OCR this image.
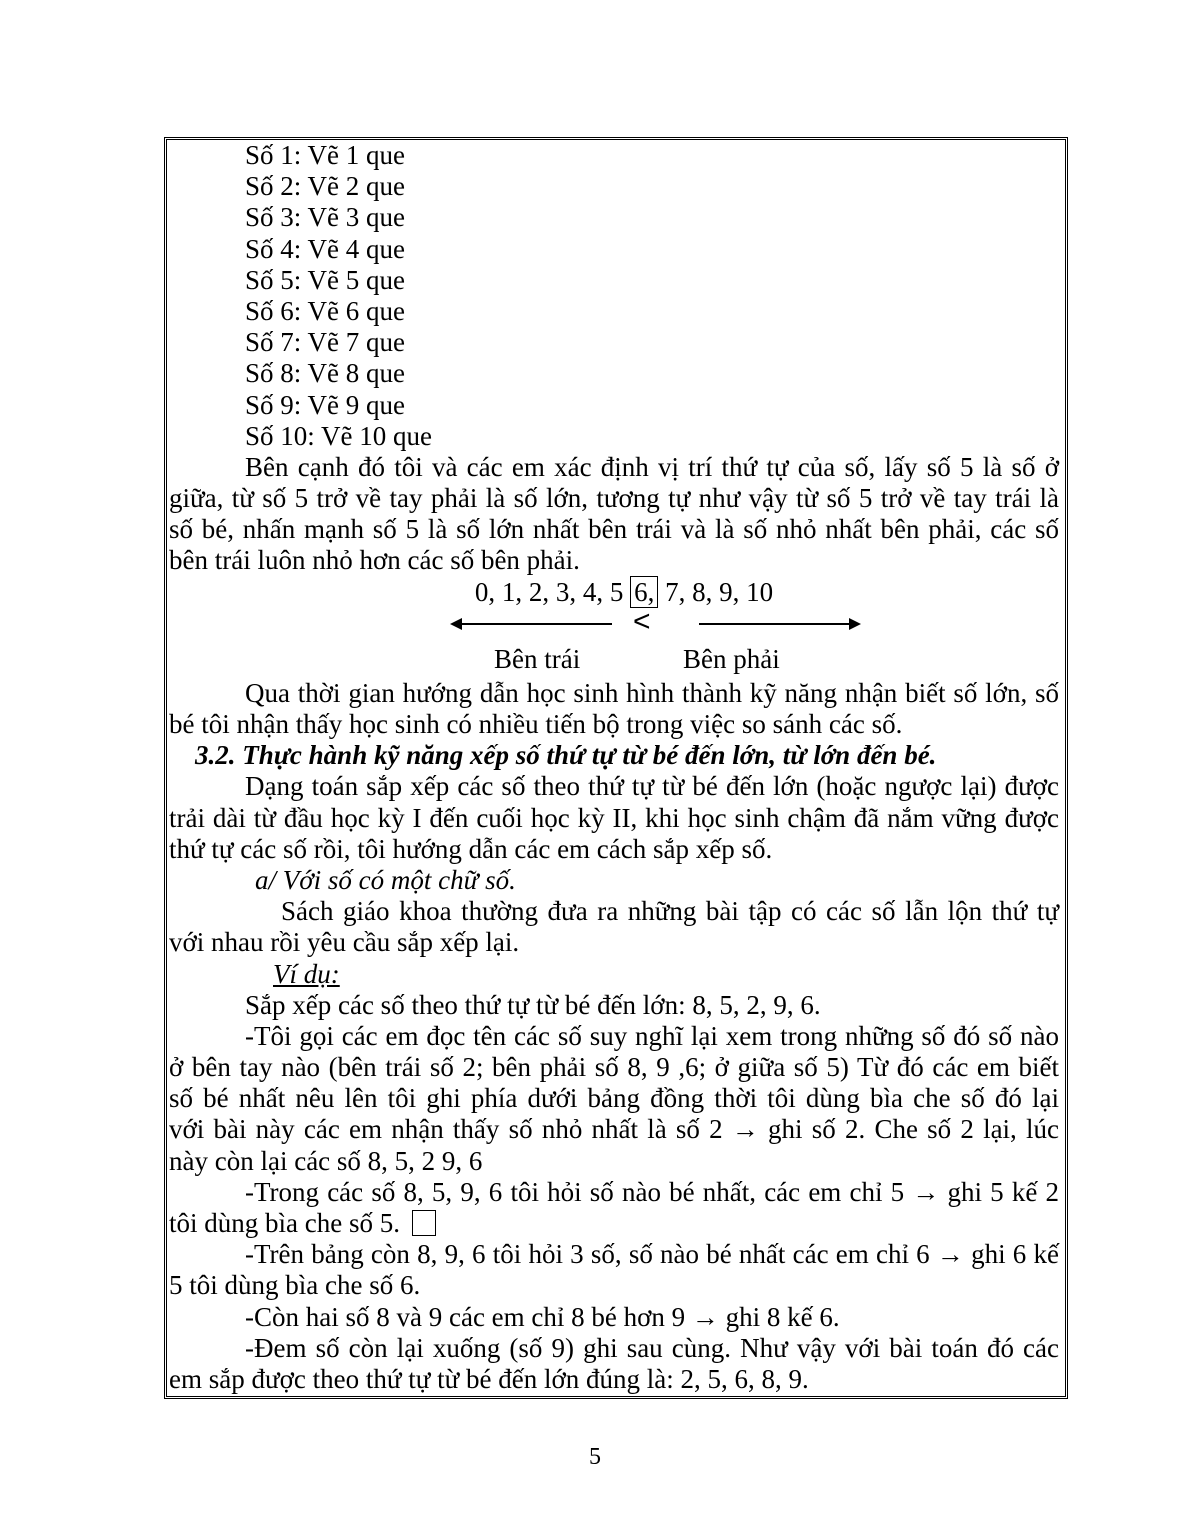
Số 1: Vẽ 1 que
Số 2: Vẽ 2 que
Số 3: Vẽ 3 que
Số 4: Vẽ 4 que
Số 5: Vẽ 5 que
Số 6: Vẽ 6 que
Số 7: Vẽ 7 que
Số 8: Vẽ 8 que
Số 9: Vẽ 9 que
Số 10: Vẽ 10 que
Bên cạnh đó tôi và các em xác định vị trí thứ tự của số, lấy số 5 là số ở
giữa, từ số 5 trở về tay phải là số lớn, tương tự như vậy từ số 5 trở về tay trái là
số bé, nhấn mạnh số 5 là số lớn nhất bên trái và là số nhỏ nhất bên phải, các số
bên trái luôn nhỏ hơn các số bên phải.
0, 1, 2, 3, 4, 5 6, 7, 8, 9, 10
<
Bên trái	Bên phải
Qua thời gian hướng dẫn học sinh hình thành kỹ năng nhận biết số lớn, số
bé tôi nhận thấy học sinh có nhiều tiến bộ trong việc so sánh các số.
3.2. Thực hành kỹ năng xếp số thứ tự từ bé đến lớn, từ lớn đến bé.
Dạng toán sắp xếp các số theo thứ tự từ bé đến lớn (hoặc ngược lại) được
trải dài từ đầu học kỳ I đến cuối học kỳ II, khi học sinh chậm đã nắm vững được
thứ tự các số rồi, tôi hướng dẫn các em cách sắp xếp số.
a/ Với số có một chữ số.
Sách giáo khoa thường đưa ra những bài tập có các số lẫn lộn thứ tự
với nhau rồi yêu cầu sắp xếp lại.
Ví dụ:
Sắp xếp các số theo thứ tự từ bé đến lớn: 8, 5, 2, 9, 6.
-Tôi gọi các em đọc tên các số suy nghĩ lại xem trong những số đó số nào
ở bên tay nào (bên trái số 2; bên phải số 8, 9 ,6; ở giữa số 5) Từ đó các em biết
số bé nhất nêu lên tôi ghi phía dưới bảng đồng thời tôi dùng bìa che số đó lại
với bài này các em nhận thấy số nhỏ nhất là số 2 → ghi số 2. Che số 2 lại, lúc
này còn lại các số 8, 5, 2 9, 6
-Trong các số 8, 5, 9, 6 tôi hỏi số nào bé nhất, các em chỉ 5 → ghi 5 kế 2
tôi dùng bìa che số 5.
-Trên bảng còn 8, 9, 6 tôi hỏi 3 số, số nào bé nhất các em chỉ 6 → ghi 6 kế
5 tôi dùng bìa che số 6.
-Còn hai số 8 và 9 các em chỉ 8 bé hơn 9 → ghi 8 kế 6.
-Đem số còn lại xuống (số 9) ghi sau cùng. Như vậy với bài toán đó các
em sắp được theo thứ tự từ bé đến lớn đúng là: 2, 5, 6, 8, 9.
5
